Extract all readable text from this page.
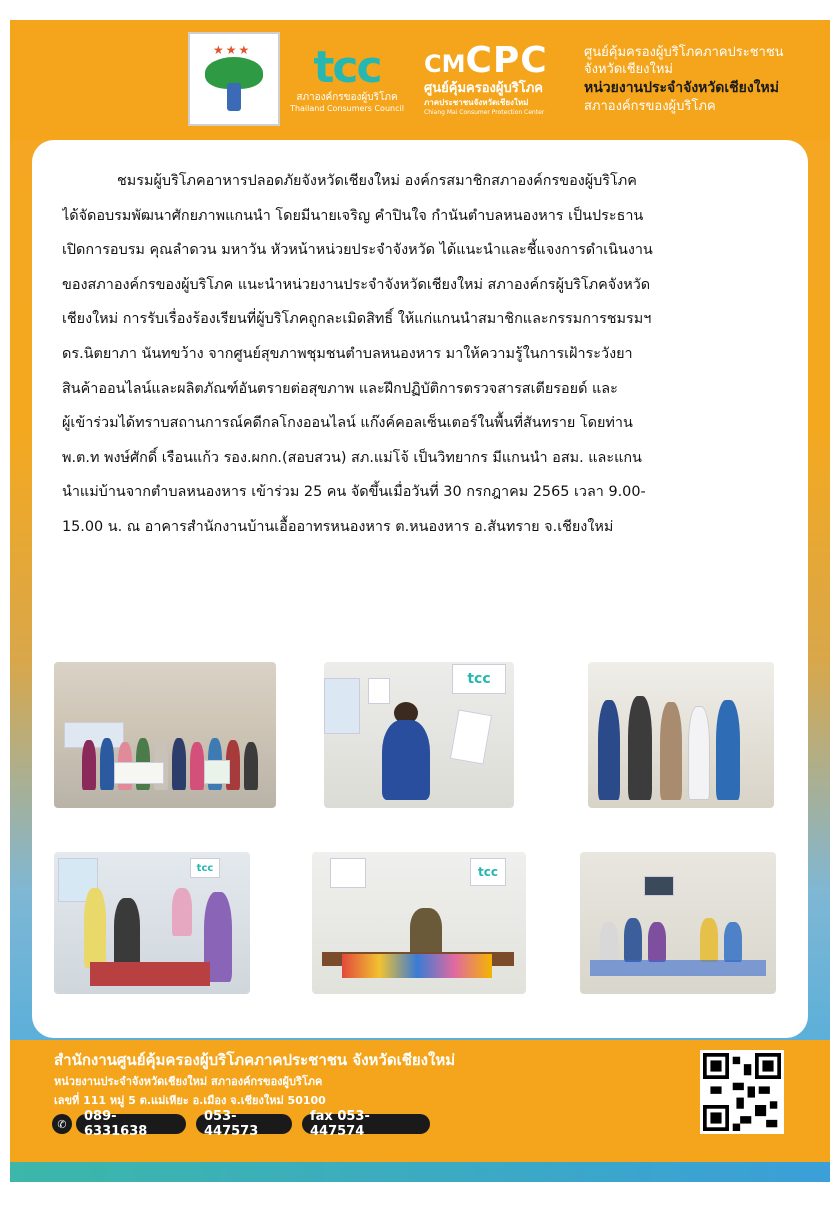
★★★ tcc
สภาองค์กรของผู้บริโภค
Thailand Consumers Council
CM CPC
ศูนย์คุ้มครองผู้บริโภค
ภาคประชาชนจังหวัดเชียงใหม่
Chiang Mai Consumer Protection Center
ศูนย์คุ้มครองผู้บริโภคภาคประชาชน
จังหวัดเชียงใหม่
หน่วยงานประจำจังหวัดเชียงใหม่
สภาองค์กรของผู้บริโภค
ชมรมผู้บริโภคอาหารปลอดภัยจังหวัดเชียงใหม่ องค์กรสมาชิกสภาองค์กรของผู้บริโภค
ได้จัดอบรมพัฒนาศักยภาพแกนนำ โดยมีนายเจริญ คำปินใจ กำนันตำบลหนองหาร เป็นประธาน
เปิดการอบรม คุณลำดวน มหาวัน หัวหน้าหน่วยประจำจังหวัด ได้แนะนำและชี้แจงการดำเนินงาน
ของสภาองค์กรของผู้บริโภค แนะนำหน่วยงานประจำจังหวัดเชียงใหม่ สภาองค์กรผู้บริโภคจังหวัด
เชียงใหม่ การรับเรื่องร้องเรียนที่ผู้บริโภคถูกละเมิดสิทธิ์ ให้แก่แกนนำสมาชิกและกรรมการชมรมฯ
ดร.นิตยาภา นันทขว้าง จากศูนย์สุขภาพชุมชนตำบลหนองหาร มาให้ความรู้ในการเฝ้าระวังยา
สินค้าออนไลน์และผลิตภัณฑ์อันตรายต่อสุขภาพ และฝึกปฏิบัติการตรวจสารสเตียรอยด์ และ
ผู้เข้าร่วมได้ทราบสถานการณ์คดีกลโกงออนไลน์ แก๊งค์คอลเซ็นเตอร์ในพื้นที่สันทราย โดยท่าน
พ.ต.ท พงษ์ศักดิ์ เรือนแก้ว รอง.ผกก.(สอบสวน) สภ.แม่โจ้ เป็นวิทยากร มีแกนนำ อสม. และแกน
นำแม่บ้านจากตำบลหนองหาร เข้าร่วม 25 คน จัดขึ้นเมื่อวันที่ 30 กรกฎาคม 2565 เวลา 9.00-
15.00 น. ณ อาคารสำนักงานบ้านเอื้ออาทรหนองหาร ต.หนองหาร อ.สันทราย จ.เชียงใหม่
tcc
tcc	tcc
สำนักงานศูนย์คุ้มครองผู้บริโภคภาคประชาชน จังหวัดเชียงใหม่
หน่วยงานประจำจังหวัดเชียงใหม่ สภาองค์กรของผู้บริโภค
เลขที่ 111 หมู่ 5 ต.แม่เหียะ อ.เมือง จ.เชียงใหม่ 50100
✆	089-6331638
053-447573
fax 053-447574
